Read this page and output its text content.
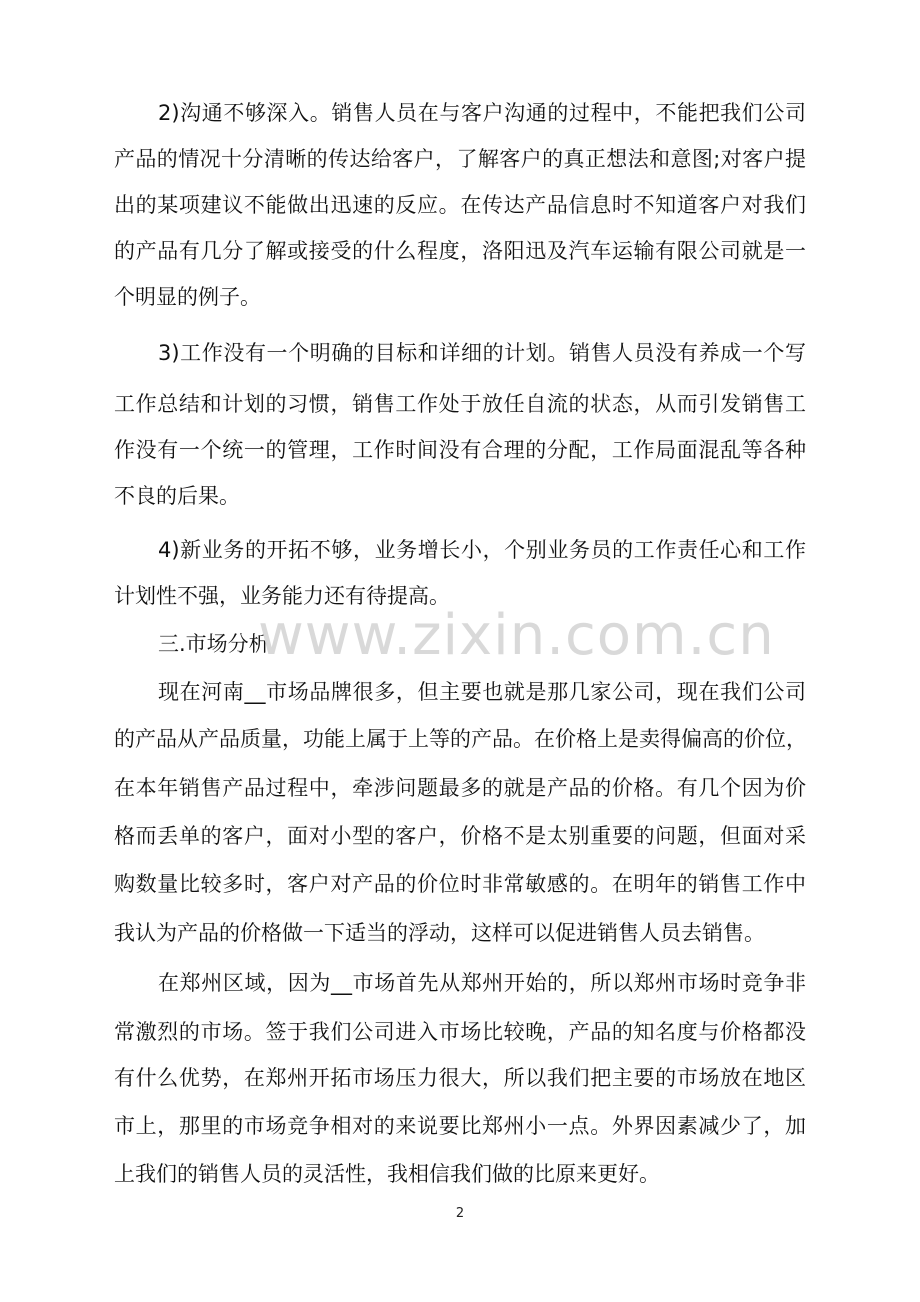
2)沟通不够深入。销售人员在与客户沟通的过程中，不能把我们公司
产品的情况十分清晰的传达给客户，了解客户的真正想法和意图;对客户提
出的某项建议不能做出迅速的反应。在传达产品信息时不知道客户对我们
的产品有几分了解或接受的什么程度，洛阳迅及汽车运输有限公司就是一
个明显的例子。
3)工作没有一个明确的目标和详细的计划。销售人员没有养成一个写
工作总结和计划的习惯，销售工作处于放任自流的状态，从而引发销售工
作没有一个统一的管理，工作时间没有合理的分配，工作局面混乱等各种
不良的后果。
4)新业务的开拓不够，业务增长小，个别业务员的工作责任心和工作
计划性不强，业务能力还有待提高。
三.市场分析
现在河南__市场品牌很多，但主要也就是那几家公司，现在我们公司
的产品从产品质量，功能上属于上等的产品。在价格上是卖得偏高的价位，
在本年销售产品过程中，牵涉问题最多的就是产品的价格。有几个因为价
格而丢单的客户，面对小型的客户，价格不是太别重要的问题，但面对采
购数量比较多时，客户对产品的价位时非常敏感的。在明年的销售工作中
我认为产品的价格做一下适当的浮动，这样可以促进销售人员去销售。
在郑州区域，因为__市场首先从郑州开始的，所以郑州市场时竞争非
常激烈的市场。签于我们公司进入市场比较晚，产品的知名度与价格都没
有什么优势，在郑州开拓市场压力很大，所以我们把主要的市场放在地区
市上，那里的市场竞争相对的来说要比郑州小一点。外界因素减少了，加
上我们的销售人员的灵活性，我相信我们做的比原来更好。
www.zixin.com.cn
2
